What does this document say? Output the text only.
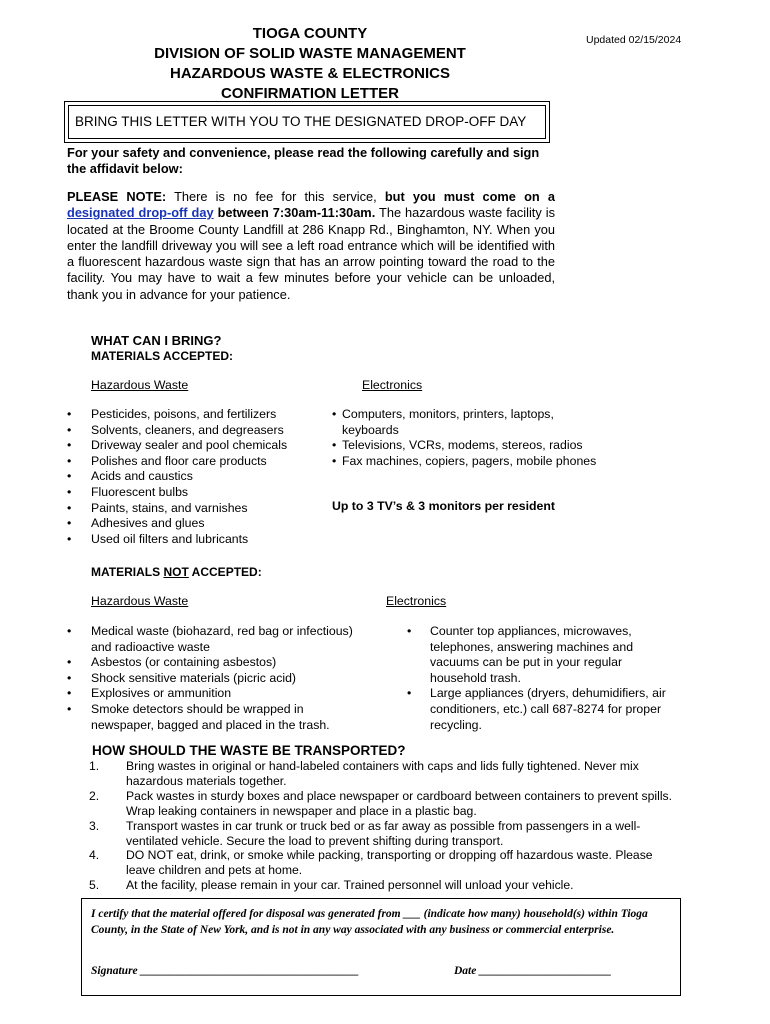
TIOGA COUNTY
DIVISION OF SOLID WASTE MANAGEMENT
HAZARDOUS WASTE & ELECTRONICS
CONFIRMATION LETTER
Updated 02/15/2024
BRING THIS LETTER WITH YOU TO THE DESIGNATED DROP-OFF DAY
For your safety and convenience, please read the following carefully and sign the affidavit below:
PLEASE NOTE: There is no fee for this service, but you must come on a designated drop-off day between 7:30am-11:30am. The hazardous waste facility is located at the Broome County Landfill at 286 Knapp Rd., Binghamton, NY. When you enter the landfill driveway you will see a left road entrance which will be identified with a fluorescent hazardous waste sign that has an arrow pointing toward the road to the facility. You may have to wait a few minutes before your vehicle can be unloaded, thank you in advance for your patience.
WHAT CAN I BRING?
MATERIALS ACCEPTED:
Hazardous Waste	Electronics
• Pesticides, poisons, and fertilizers
• Solvents, cleaners, and degreasers
• Driveway sealer and pool chemicals
• Polishes and floor care products
• Acids and caustics
• Fluorescent bulbs
• Paints, stains, and varnishes
• Adhesives and glues
• Used oil filters and lubricants
• Computers, monitors, printers, laptops, keyboards
• Televisions, VCRs, modems, stereos, radios
• Fax machines, copiers, pagers, mobile phones
Up to 3 TV’s & 3 monitors per resident
MATERIALS NOT ACCEPTED:
Hazardous Waste	Electronics
• Medical waste (biohazard, red bag or infectious) and radioactive waste
• Asbestos (or containing asbestos)
• Shock sensitive materials (picric acid)
• Explosives or ammunition
• Smoke detectors should be wrapped in newspaper, bagged and placed in the trash.
• Counter top appliances, microwaves, telephones, answering machines and vacuums can be put in your regular household trash.
• Large appliances (dryers, dehumidifiers, air conditioners, etc.) call 687-8274 for proper recycling.
HOW SHOULD THE WASTE BE TRANSPORTED?
1. Bring wastes in original or hand-labeled containers with caps and lids fully tightened. Never mix hazardous materials together.
2. Pack wastes in sturdy boxes and place newspaper or cardboard between containers to prevent spills. Wrap leaking containers in newspaper and place in a plastic bag.
3. Transport wastes in car trunk or truck bed or as far away as possible from passengers in a well-ventilated vehicle. Secure the load to prevent shifting during transport.
4. DO NOT eat, drink, or smoke while packing, transporting or dropping off hazardous waste. Please leave children and pets at home.
5. At the facility, please remain in your car. Trained personnel will unload your vehicle.
I certify that the material offered for disposal was generated from ___ (indicate how many) household(s) within Tioga County, in the State of New York, and is not in any way associated with any business or commercial enterprise.
Signature ______________________________________	Date _______________________
